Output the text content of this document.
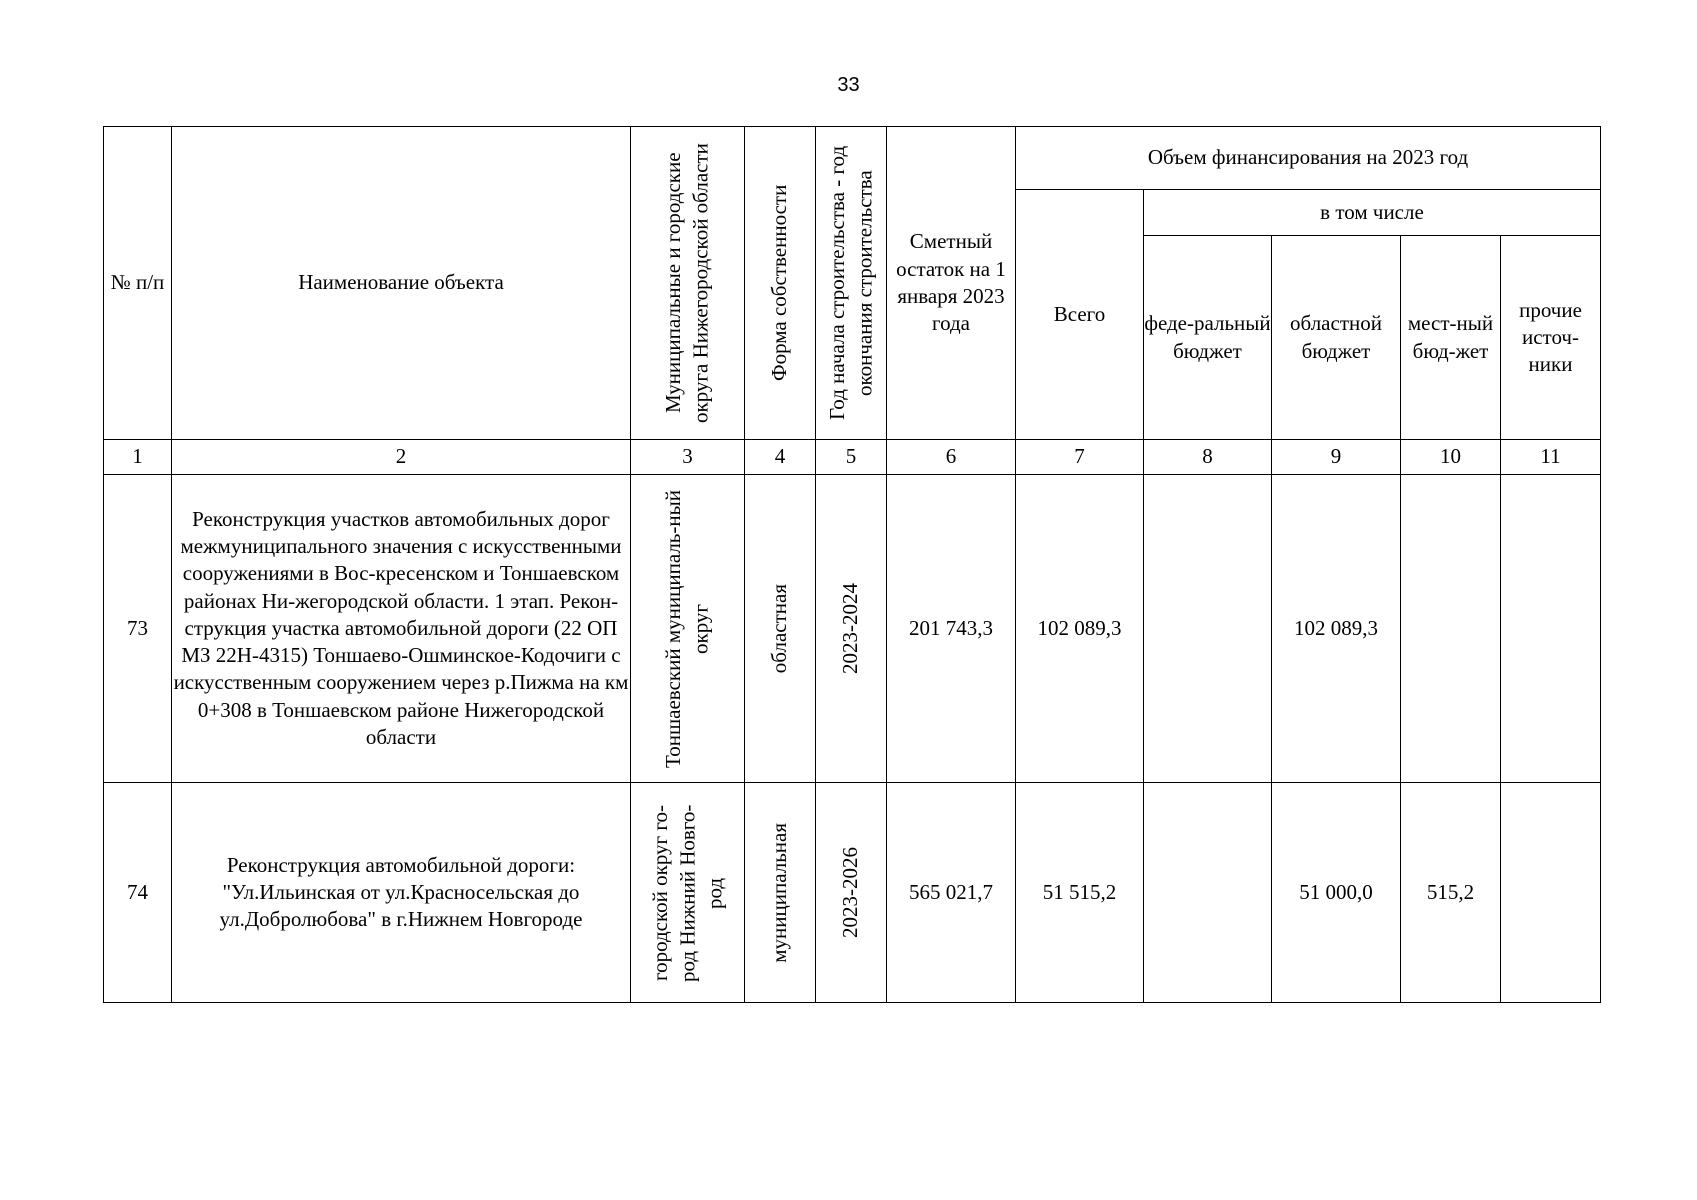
33
№ п/п	Наименование объекта	Муниципальные и городские округа Нижегородской области	Форма собственности	Год начала строительства - год окончания строительства	Сметный остаток на 1 января 2023 года	Объем финансирования на 2023 год				
						Всего	в том числе			
							феде-ральный бюджет	областной бюджет	мест-ный бюд-жет	прочие источ-ники
1	2	3	4	5	6	7	8	9	10	11
73	Реконструкция участков автомобильных дорог межмуниципального значения с искусственными сооружениями в Вос-кресенском и Тоншаевском районах Ни-жегородской области. 1 этап. Рекон-струкция участка автомобильной дороги (22 ОП МЗ 22Н-4315) Тоншаево-Ошминское-Кодочиги с искусственным сооружением через р.Пижма на км 0+308 в Тоншаевском районе Нижегородской области	Тоншаевский муниципаль-ный округ	областная	2023-2024	201 743,3	102 089,3		102 089,3		
74	Реконструкция автомобильной дороги: "Ул.Ильинская от ул.Красносельская до ул.Добролюбова" в г.Нижнем Новгороде	городской округ го-род Нижний Новго-род	муниципальная	2023-2026	565 021,7	51 515,2		51 000,0	515,2	
